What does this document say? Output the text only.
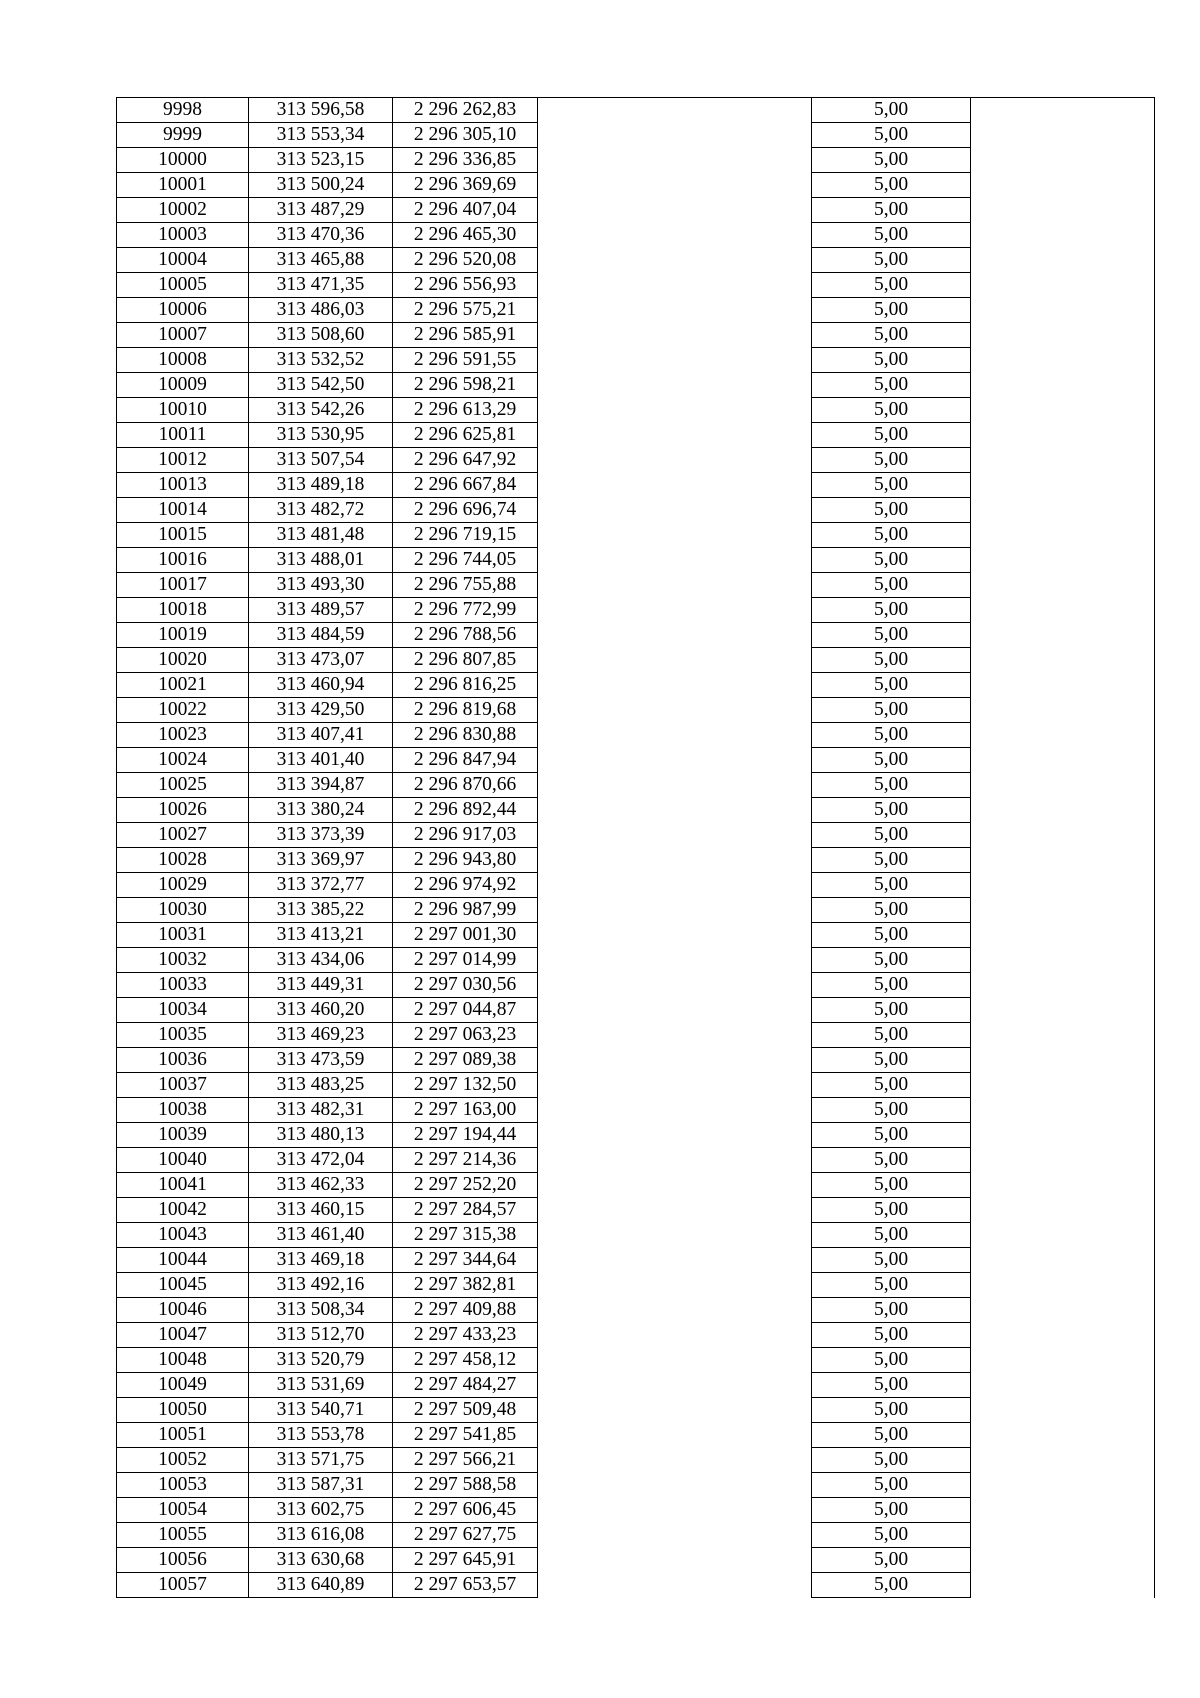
9998	313 596,58	2 296 262,83		5,00	
9999	313 553,34	2 296 305,10		5,00	
10000	313 523,15	2 296 336,85		5,00	
10001	313 500,24	2 296 369,69		5,00	
10002	313 487,29	2 296 407,04		5,00	
10003	313 470,36	2 296 465,30		5,00	
10004	313 465,88	2 296 520,08		5,00	
10005	313 471,35	2 296 556,93		5,00	
10006	313 486,03	2 296 575,21		5,00	
10007	313 508,60	2 296 585,91		5,00	
10008	313 532,52	2 296 591,55		5,00	
10009	313 542,50	2 296 598,21		5,00	
10010	313 542,26	2 296 613,29		5,00	
10011	313 530,95	2 296 625,81		5,00	
10012	313 507,54	2 296 647,92		5,00	
10013	313 489,18	2 296 667,84		5,00	
10014	313 482,72	2 296 696,74		5,00	
10015	313 481,48	2 296 719,15		5,00	
10016	313 488,01	2 296 744,05		5,00	
10017	313 493,30	2 296 755,88		5,00	
10018	313 489,57	2 296 772,99		5,00	
10019	313 484,59	2 296 788,56		5,00	
10020	313 473,07	2 296 807,85		5,00	
10021	313 460,94	2 296 816,25		5,00	
10022	313 429,50	2 296 819,68		5,00	
10023	313 407,41	2 296 830,88		5,00	
10024	313 401,40	2 296 847,94		5,00	
10025	313 394,87	2 296 870,66		5,00	
10026	313 380,24	2 296 892,44		5,00	
10027	313 373,39	2 296 917,03		5,00	
10028	313 369,97	2 296 943,80		5,00	
10029	313 372,77	2 296 974,92		5,00	
10030	313 385,22	2 296 987,99		5,00	
10031	313 413,21	2 297 001,30		5,00	
10032	313 434,06	2 297 014,99		5,00	
10033	313 449,31	2 297 030,56		5,00	
10034	313 460,20	2 297 044,87		5,00	
10035	313 469,23	2 297 063,23		5,00	
10036	313 473,59	2 297 089,38		5,00	
10037	313 483,25	2 297 132,50		5,00	
10038	313 482,31	2 297 163,00		5,00	
10039	313 480,13	2 297 194,44		5,00	
10040	313 472,04	2 297 214,36		5,00	
10041	313 462,33	2 297 252,20		5,00	
10042	313 460,15	2 297 284,57		5,00	
10043	313 461,40	2 297 315,38		5,00	
10044	313 469,18	2 297 344,64		5,00	
10045	313 492,16	2 297 382,81		5,00	
10046	313 508,34	2 297 409,88		5,00	
10047	313 512,70	2 297 433,23		5,00	
10048	313 520,79	2 297 458,12		5,00	
10049	313 531,69	2 297 484,27		5,00	
10050	313 540,71	2 297 509,48		5,00	
10051	313 553,78	2 297 541,85		5,00	
10052	313 571,75	2 297 566,21		5,00	
10053	313 587,31	2 297 588,58		5,00	
10054	313 602,75	2 297 606,45		5,00	
10055	313 616,08	2 297 627,75		5,00	
10056	313 630,68	2 297 645,91		5,00	
10057	313 640,89	2 297 653,57		5,00	
